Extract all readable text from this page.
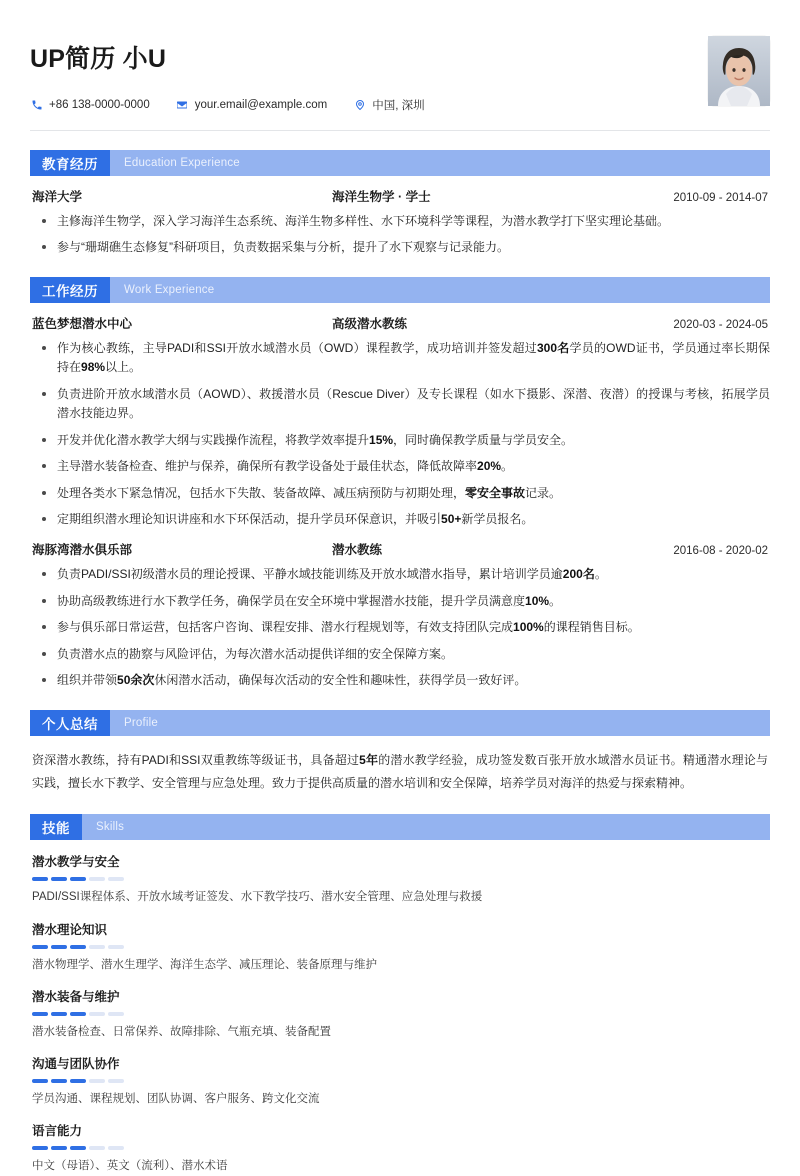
UP简历 小U
+86 138-0000-0000	your.email@example.com	中国, 深圳
教育经历	Education Experience
海洋大学	海洋生物学 · 学士	2010-09 - 2014-07
主修海洋生物学，深入学习海洋生态系统、海洋生物多样性、水下环境科学等课程，为潜水教学打下坚实理论基础。
参与“珊瑚礁生态修复”科研项目，负责数据采集与分析，提升了水下观察与记录能力。
工作经历	Work Experience
蓝色梦想潜水中心	高级潜水教练	2020-03 - 2024-05
作为核心教练，主导PADI和SSI开放水域潜水员（OWD）课程教学，成功培训并签发超过300名学员的OWD证书，学员通过率长期保持在98%以上。
负责进阶开放水域潜水员（AOWD）、救援潜水员（Rescue Diver）及专长课程（如水下摄影、深潜、夜潜）的授课与考核，拓展学员潜水技能边界。
开发并优化潜水教学大纲与实践操作流程，将教学效率提升15%，同时确保教学质量与学员安全。
主导潜水装备检查、维护与保养，确保所有教学设备处于最佳状态，降低故障率20%。
处理各类水下紧急情况，包括水下失散、装备故障、减压病预防与初期处理，零安全事故记录。
定期组织潜水理论知识讲座和水下环保活动，提升学员环保意识，并吸引50+新学员报名。
海豚湾潜水俱乐部	潜水教练	2016-08 - 2020-02
负责PADI/SSI初级潜水员的理论授课、平静水域技能训练及开放水域潜水指导，累计培训学员逾200名。
协助高级教练进行水下教学任务，确保学员在安全环境中掌握潜水技能，提升学员满意度10%。
参与俱乐部日常运营，包括客户咨询、课程安排、潜水行程规划等，有效支持团队完成100%的课程销售目标。
负责潜水点的勘察与风险评估，为每次潜水活动提供详细的安全保障方案。
组织并带领50余次休闲潜水活动，确保每次活动的安全性和趣味性，获得学员一致好评。
个人总结	Profile
资深潜水教练，持有PADI和SSI双重教练等级证书，具备超过5年的潜水教学经验，成功签发数百张开放水域潜水员证书。精通潜水理论与实践，擅长水下教学、安全管理与应急处理。致力于提供高质量的潜水培训和安全保障，培养学员对海洋的热爱与探索精神。
技能	Skills
潜水教学与安全
PADI/SSI课程体系、开放水域考证签发、水下教学技巧、潜水安全管理、应急处理与救援
潜水理论知识
潜水物理学、潜水生理学、海洋生态学、减压理论、装备原理与维护
潜水装备与维护
潜水装备检查、日常保养、故障排除、气瓶充填、装备配置
沟通与团队协作
学员沟通、课程规划、团队协调、客户服务、跨文化交流
语言能力
中文（母语）、英文（流利）、潜水术语
